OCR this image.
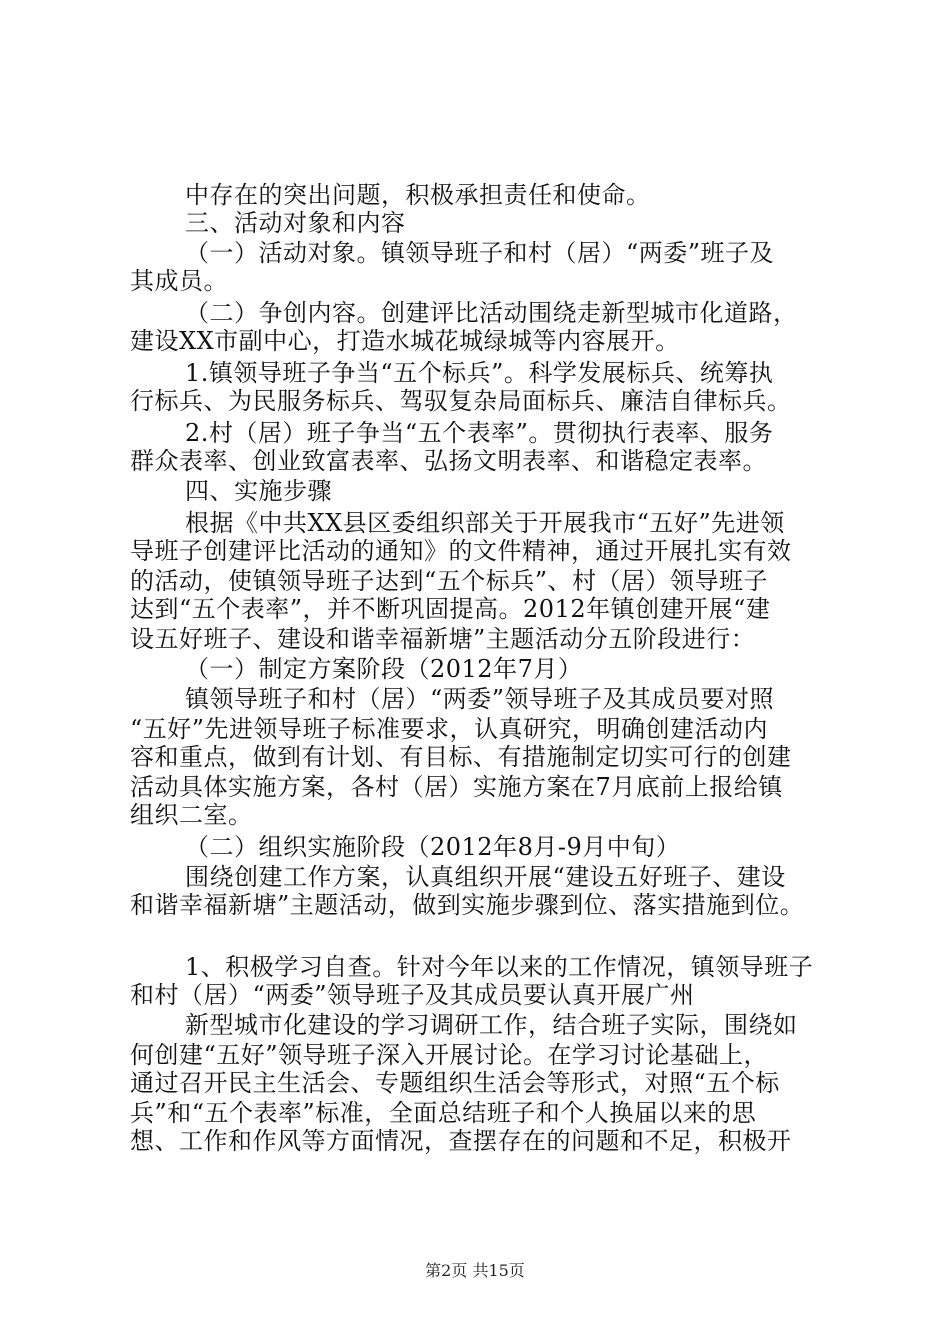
中存在的突出问题，积极承担责任和使命。
三、活动对象和内容
（一）活动对象。镇领导班子和村（居）“两委”班子及
其成员。
（二）争创内容。创建评比活动围绕走新型城市化道路，
建设XX市副中心，打造水城花城绿城等内容展开。
1.镇领导班子争当“五个标兵”。科学发展标兵、统筹执
行标兵、为民服务标兵、驾驭复杂局面标兵、廉洁自律标兵。
2.村（居）班子争当“五个表率”。贯彻执行表率、服务
群众表率、创业致富表率、弘扬文明表率、和谐稳定表率。
四、实施步骤
根据《中共XX县区委组织部关于开展我市“五好”先进领
导班子创建评比活动的通知》的文件精神，通过开展扎实有效
的活动，使镇领导班子达到“五个标兵”、村（居）领导班子
达到“五个表率”，并不断巩固提高。2012年镇创建开展“建
设五好班子、建设和谐幸福新塘”主题活动分五阶段进行：
（一）制定方案阶段（2012年7月）
镇领导班子和村（居）“两委”领导班子及其成员要对照
“五好”先进领导班子标准要求，认真研究，明确创建活动内
容和重点，做到有计划、有目标、有措施制定切实可行的创建
活动具体实施方案，各村（居）实施方案在7月底前上报给镇
组织二室。
（二）组织实施阶段（2012年8月-9月中旬）
围绕创建工作方案，认真组织开展“建设五好班子、建设
和谐幸福新塘”主题活动，做到实施步骤到位、落实措施到位。
1、积极学习自查。针对今年以来的工作情况，镇领导班子
和村（居）“两委”领导班子及其成员要认真开展广州
新型城市化建设的学习调研工作，结合班子实际，围绕如
何创建“五好”领导班子深入开展讨论。在学习讨论基础上，
通过召开民主生活会、专题组织生活会等形式，对照“五个标
兵”和“五个表率”标准，全面总结班子和个人换届以来的思
想、工作和作风等方面情况，查摆存在的问题和不足，积极开
第2页 共15页
